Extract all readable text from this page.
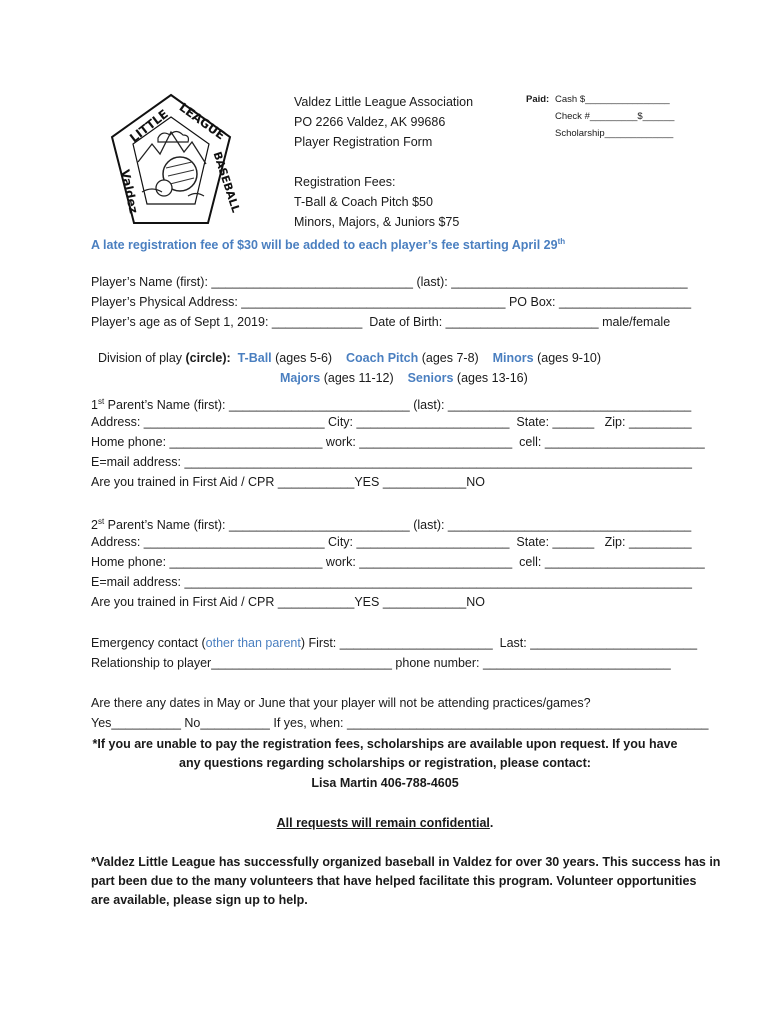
LITTLE LEAGUE
Valdez	BASEBALL
Valdez Little League Association
PO 2266 Valdez, AK 99686
Player Registration Form
Registration Fees:
T-Ball & Coach Pitch $50
Minors, Majors, & Juniors $75
Paid: Cash $________________
Check #_________$______
Scholarship_____________
A late registration fee of $30 will be added to each player’s fee starting April 29th
Player’s Name (first): _____________________________ (last): __________________________________
Player’s Physical Address: ______________________________________ PO Box: ___________________
Player’s age as of Sept 1, 2019: _____________  Date of Birth: ______________________ male/female

Division of play (circle): T-Ball (ages 5-6) Coach Pitch (ages 7-8) Minors (ages 9-10)

Majors (ages 11-12) Seniors (ages 13-16)

1st Parent’s Name (first): __________________________ (last): ___________________________________
Address: __________________________ City: ______________________  State: ______   Zip: _________
Home phone: ______________________ work: ______________________  cell: _______________________
E=mail address: _________________________________________________________________________
Are you trained in First Aid / CPR ___________YES ____________NO
2st Parent’s Name (first): __________________________ (last): ___________________________________
Address: __________________________ City: ______________________  State: ______   Zip: _________
Home phone: ______________________ work: ______________________  cell: _______________________
E=mail address: _________________________________________________________________________
Are you trained in First Aid / CPR ___________YES ____________NO
Emergency contact (other than parent) First: ______________________  Last: ________________________
Relationship to player__________________________ phone number: ___________________________
Are there any dates in May or June that your player will not be attending practices/games?
Yes__________ No__________ If yes, when: ____________________________________________________
*If you are unable to pay the registration fees, scholarships are available upon request. If you have
any questions regarding scholarships or registration, please contact:
Lisa Martin 406-788-4605
All requests will remain confidential.
*Valdez Little League has successfully organized baseball in Valdez for over 30 years. This success has in
part been due to the many volunteers that have helped facilitate this program. Volunteer opportunities
are available, please sign up to help.
